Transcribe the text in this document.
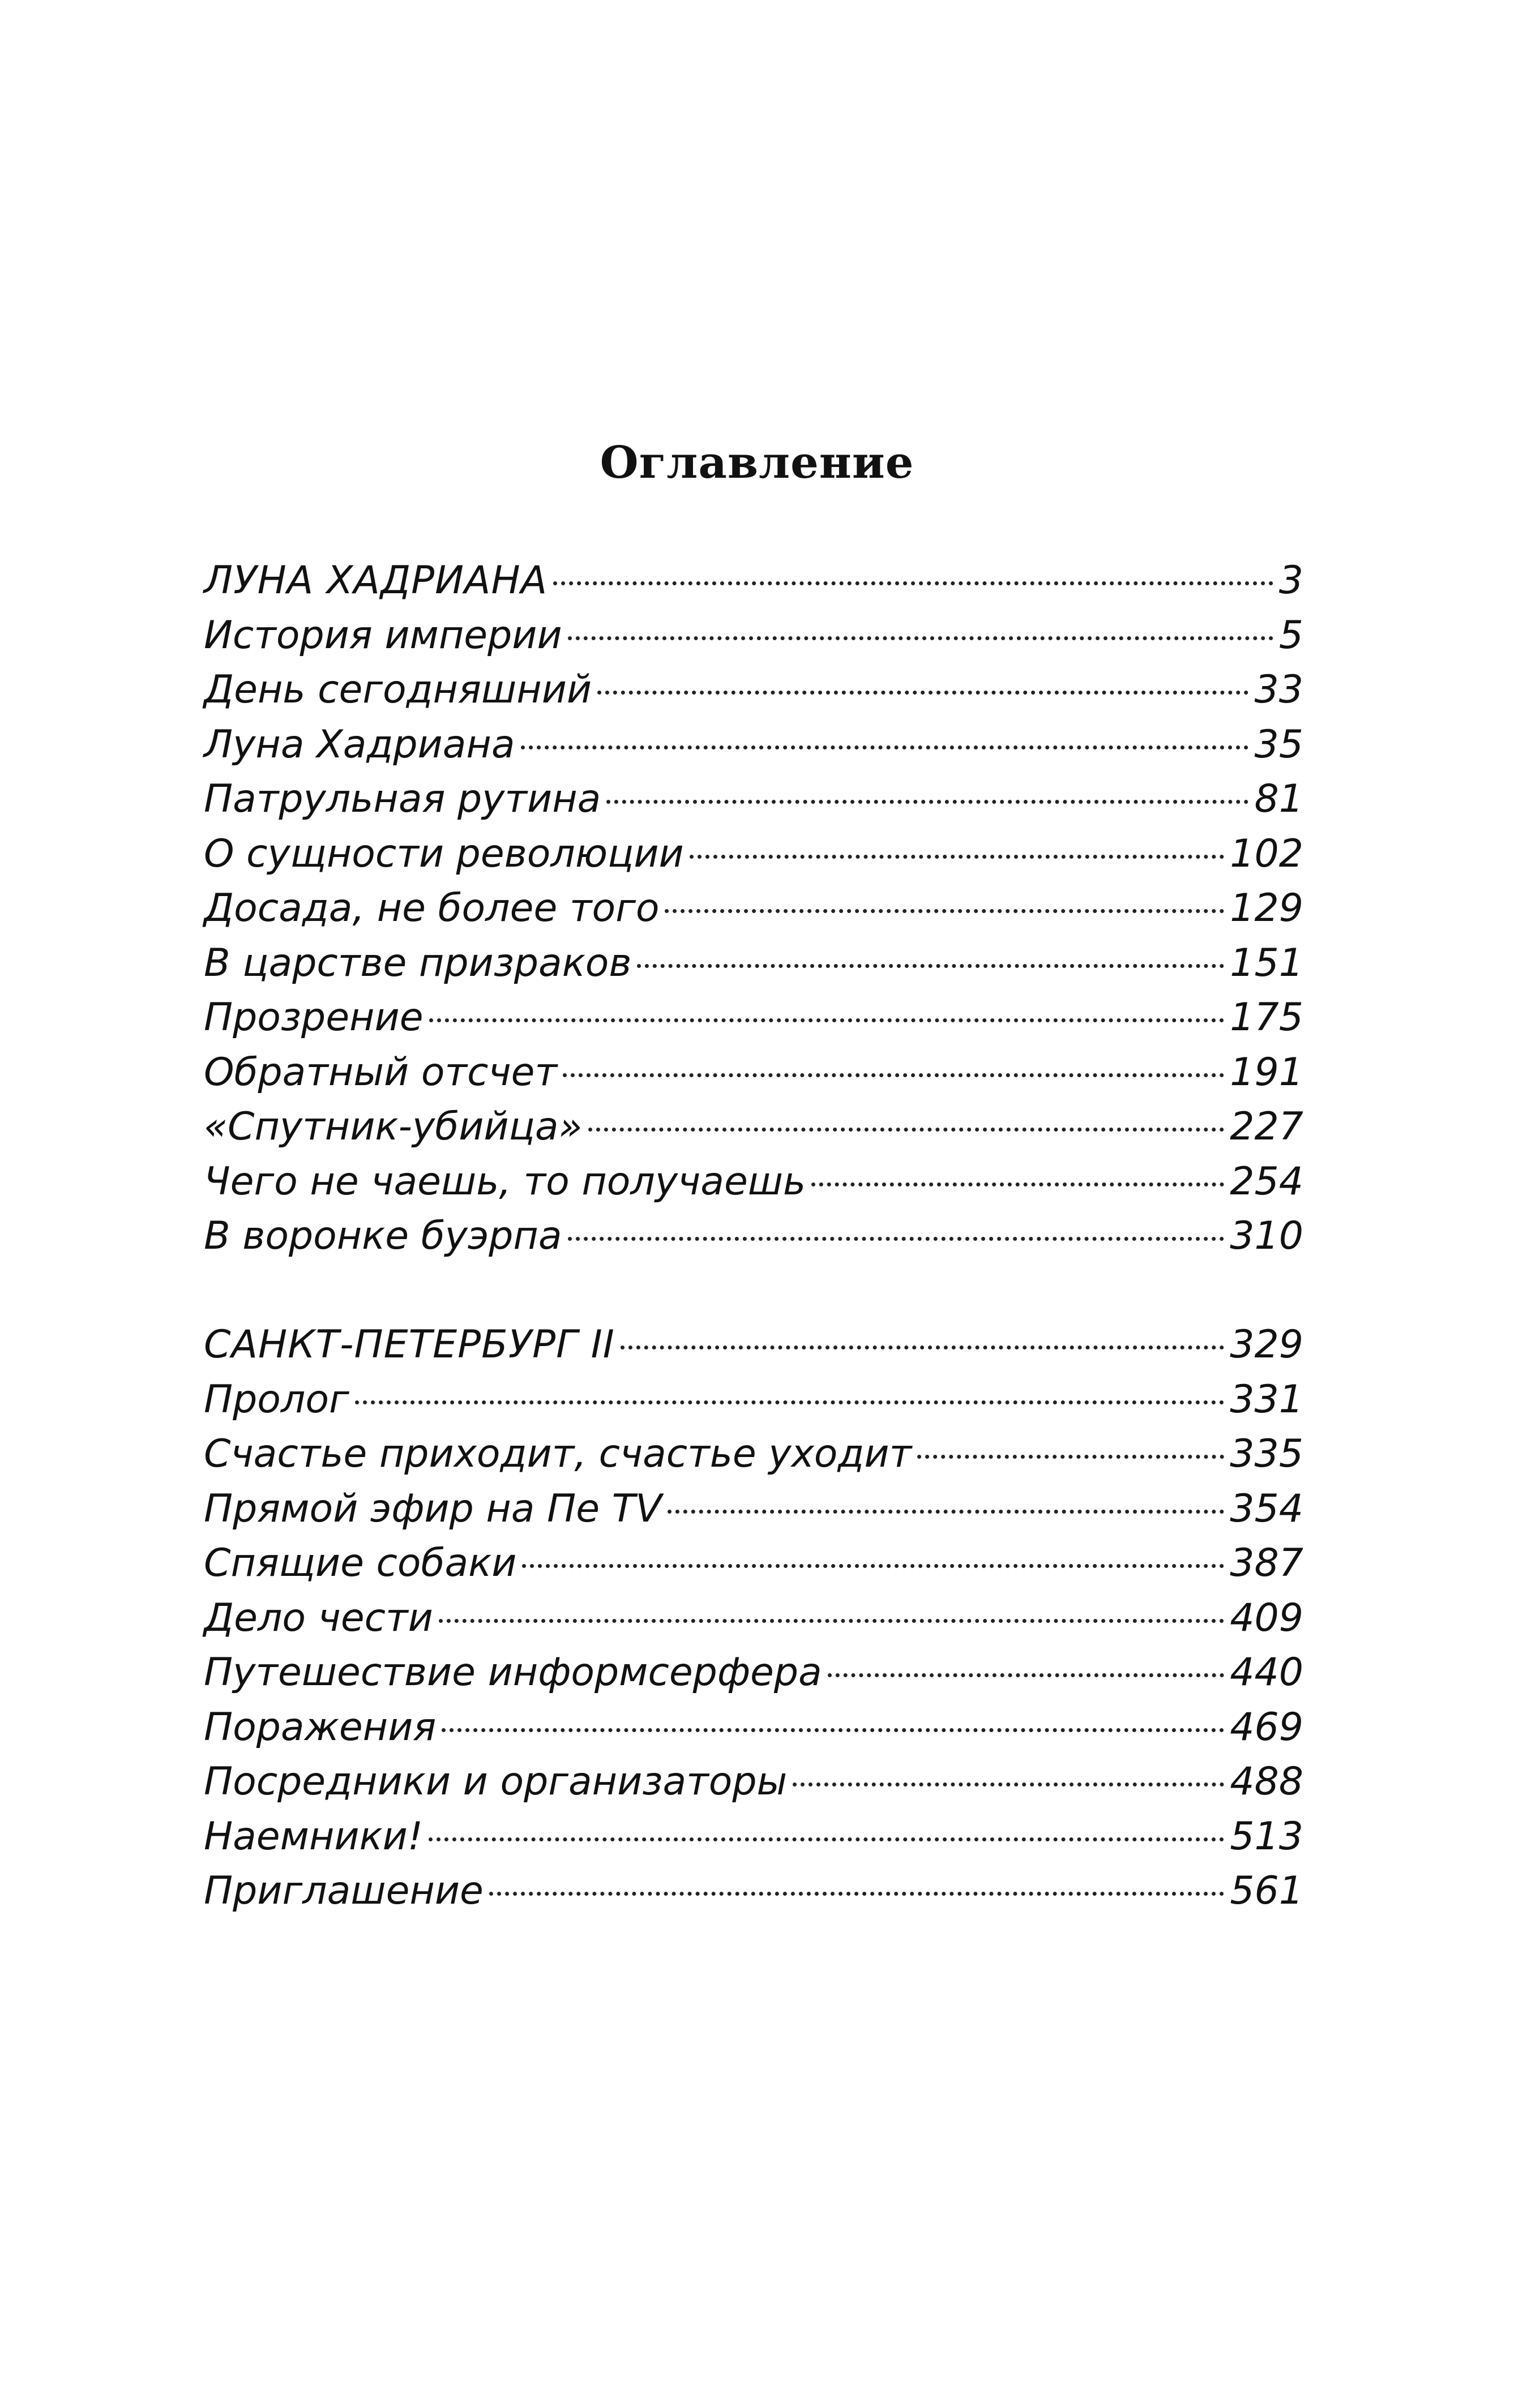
Оглавление
ЛУНА ХАДРИАНА	3
История империи	5
День сегодняшний	33
Луна Хадриана	35
Патрульная рутина	81
О сущности революции	102
Досада, не более того	129
В царстве призраков	151
Прозрение	175
Обратный отсчет	191
«Спутник-убийца»	227
Чего не чаешь, то получаешь	254
В воронке буэрпа	310
САНКТ-ПЕТЕРБУРГ II	329
Пролог	331
Счастье приходит, счастье уходит	335
Прямой эфир на Пе TV	354
Спящие собаки	387
Дело чести	409
Путешествие информсерфера	440
Поражения	469
Посредники и организаторы	488
Наемники!	513
Приглашение	561
